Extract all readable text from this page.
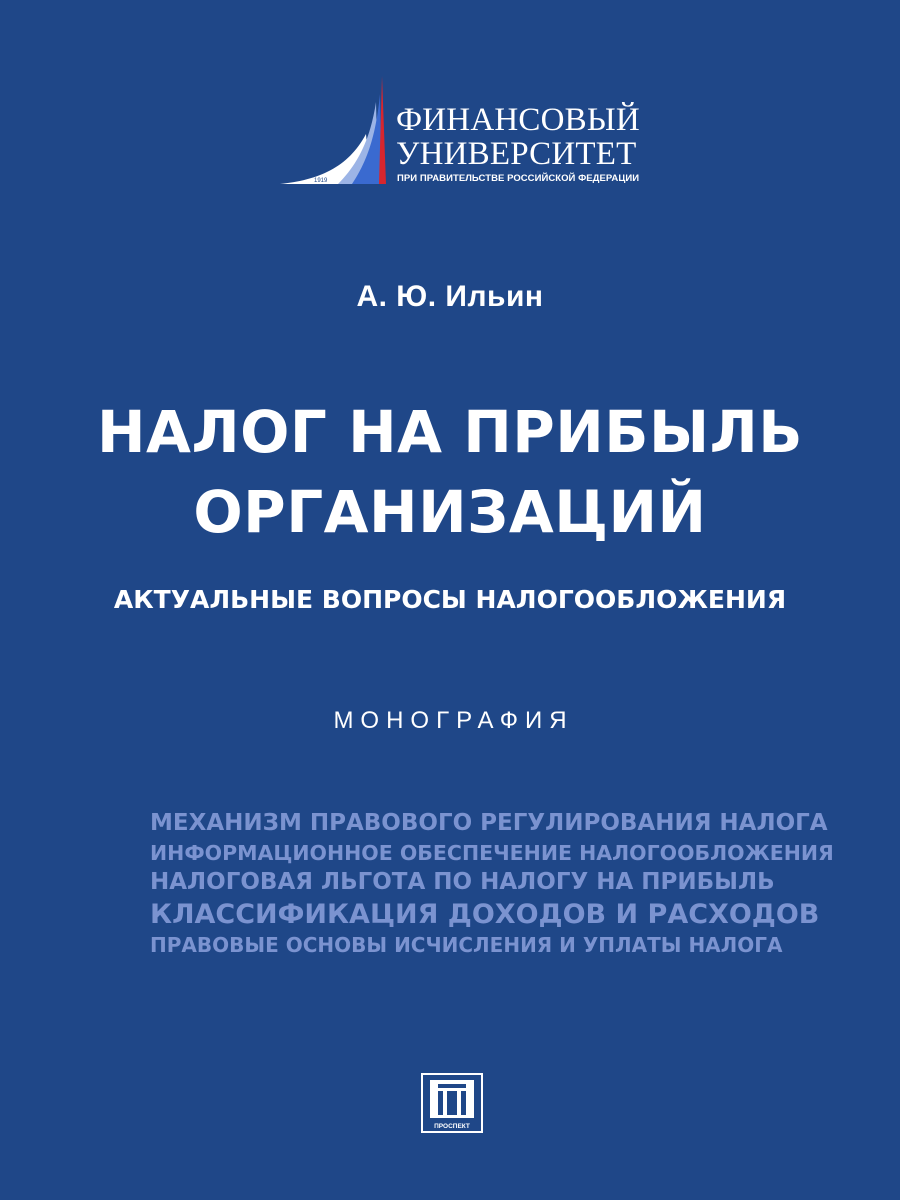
1919
ФИНАНСОВЫЙ
УНИВЕРСИТЕТ
ПРИ ПРАВИТЕЛЬСТВЕ РОССИЙСКОЙ ФЕДЕРАЦИИ
А. Ю. Ильин
НАЛОГ НА ПРИБЫЛЬ
ОРГАНИЗАЦИЙ
АКТУАЛЬНЫЕ ВОПРОСЫ НАЛОГООБЛОЖЕНИЯ
МОНОГРАФИЯ
МЕХАНИЗМ ПРАВОВОГО РЕГУЛИРОВАНИЯ НАЛОГА
ИНФОРМАЦИОННОЕ ОБЕСПЕЧЕНИЕ НАЛОГООБЛОЖЕНИЯ
НАЛОГОВАЯ ЛЬГОТА ПО НАЛОГУ НА ПРИБЫЛЬ
КЛАССИФИКАЦИЯ ДОХОДОВ И РАСХОДОВ
ПРАВОВЫЕ ОСНОВЫ ИСЧИСЛЕНИЯ И УПЛАТЫ НАЛОГА
ПРОСПЕКТ
